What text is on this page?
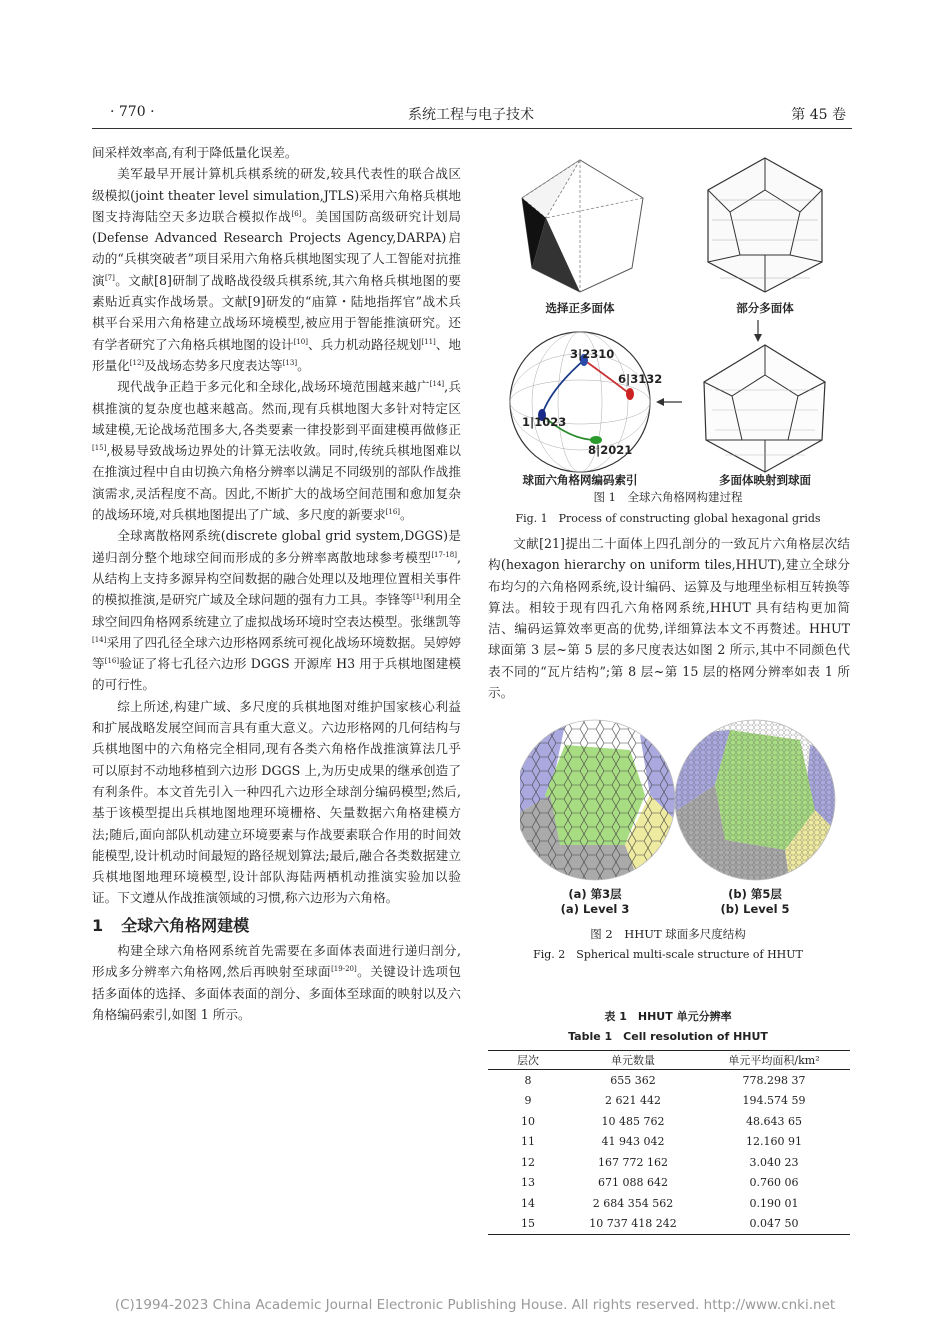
· 770 ·	系统工程与电子技术	第 45 卷

间采样效率高,有利于降低量化误差。

美军最早开展计算机兵棋系统的研发,较具代表性的联合战区级模拟(joint theater level simulation,JTLS)采用六角格兵棋地图支持海陆空天多边联合模拟作战[6]。美国国防高级研究计划局(Defense Advanced Research Projects Agency,DARPA)启动的“兵棋突破者”项目采用六角格兵棋地图实现了人工智能对抗推演[7]。文献[8]研制了战略战役级兵棋系统,其六角格兵棋地图的要素贴近真实作战场景。文献[9]研发的“庙算・陆地指挥官”战术兵棋平台采用六角格建立战场环境模型,被应用于智能推演研究。还有学者研究了六角格兵棋地图的设计[10]、兵力机动路径规划[11]、地形量化[12]及战场态势多尺度表达等[13]。

现代战争正趋于多元化和全球化,战场环境范围越来越广[14],兵棋推演的复杂度也越来越高。然而,现有兵棋地图大多针对特定区域建模,无论战场范围多大,各类要素一律投影到平面建模再做修正[15],极易导致战场边界处的计算无法收敛。同时,传统兵棋地图难以在推演过程中自由切换六角格分辨率以满足不同级别的部队作战推演需求,灵活程度不高。因此,不断扩大的战场空间范围和愈加复杂的战场环境,对兵棋地图提出了广域、多尺度的新要求[16]。

全球离散格网系统(discrete global grid system,DGGS)是递归剖分整个地球空间而形成的多分辨率离散地球参考模型[17-18],从结构上支持多源异构空间数据的融合处理以及地理位置相关事件的模拟推演,是研究广域及全球问题的强有力工具。李锋等[1]利用全球空间四角格网系统建立了虚拟战场环境时空表达模型。张继凯等[14]采用了四孔径全球六边形格网系统可视化战场环境数据。吴婷婷等[16]验证了将七孔径六边形 DGGS 开源库 H3 用于兵棋地图建模的可行性。

综上所述,构建广域、多尺度的兵棋地图对维护国家核心利益和扩展战略发展空间而言具有重大意义。六边形格网的几何结构与兵棋地图中的六角格完全相同,现有各类六角格作战推演算法几乎可以原封不动地移植到六边形 DGGS 上,为历史成果的继承创造了有利条件。本文首先引入一种四孔六边形全球剖分编码模型;然后,基于该模型提出兵棋地图地理环境栅格、矢量数据六角格建模方法;随后,面向部队机动建立环境要素与作战要素联合作用的时间效能模型,设计机动时间最短的路径规划算法;最后,融合各类数据建立兵棋地图地理环境模型,设计部队海陆两栖机动推演实验加以验证。下文遵从作战推演领域的习惯,称六边形为六角格。

1 全球六角格网建模

构建全球六角格网系统首先需要在多面体表面进行递归剖分,形成多分辨率六角格网,然后再映射至球面[19-20]。关键设计选项包括多面体的选择、多面体表面的剖分、多面体至球面的映射以及六角格编码索引,如图 1 所示。

选择正多面体	部分多面体
3|2310
6|3132
1|1023
8|2021
球面六角格网编码索引	多面体映射到球面
图 1　全球六角格网构建过程
Fig. 1　Process of constructing global hexagonal grids

文献[21]提出二十面体上四孔剖分的一致瓦片六角格层次结构(hexagon hierarchy on uniform tiles,HHUT),建立全球分布均匀的六角格网系统,设计编码、运算及与地理坐标相互转换等算法。相较于现有四孔六角格网系统,HHUT 具有结构更加简洁、编码运算效率更高的优势,详细算法本文不再赘述。HHUT 球面第 3 层~第 5 层的多尺度表达如图 2 所示,其中不同颜色代表不同的“瓦片结构”;第 8 层~第 15 层的格网分辨率如表 1 所示。

(a) 第3层
(a) Level 3
(b) 第5层
(b) Level 5
图 2　HHUT 球面多尺度结构
Fig. 2　Spherical multi-scale structure of HHUT
表 1　HHUT 单元分辨率
Table 1　Cell resolution of HHUT
层次	单元数量	单元平均面积/km²
8	655 362	778.298 37
9	2 621 442	194.574 59
10	10 485 762	48.643 65
11	41 943 042	12.160 91
12	167 772 162	3.040 23
13	671 088 642	0.760 06
14	2 684 354 562	0.190 01
15	10 737 418 242	0.047 50
(C)1994-2023 China Academic Journal Electronic Publishing House. All rights reserved. http://www.cnki.net
